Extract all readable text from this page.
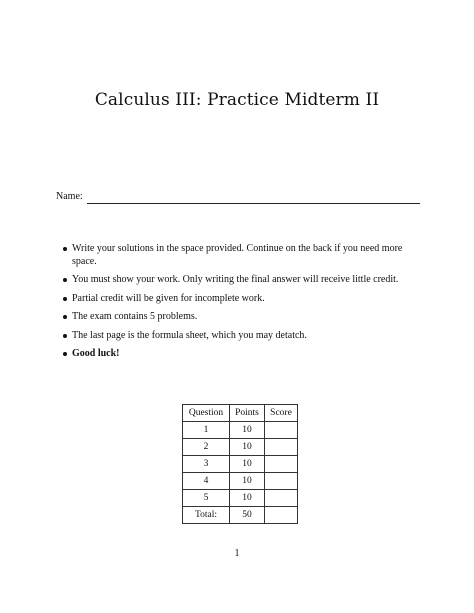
Calculus III: Practice Midterm II
Name:
Write your solutions in the space provided. Continue on the back if you need more space.
You must show your work. Only writing the final answer will receive little credit.
Partial credit will be given for incomplete work.
The exam contains 5 problems.
The last page is the formula sheet, which you may detatch.
Good luck!
Question	Points	Score
1	10	
2	10	
3	10	
4	10	
5	10	
Total:	50	
1
